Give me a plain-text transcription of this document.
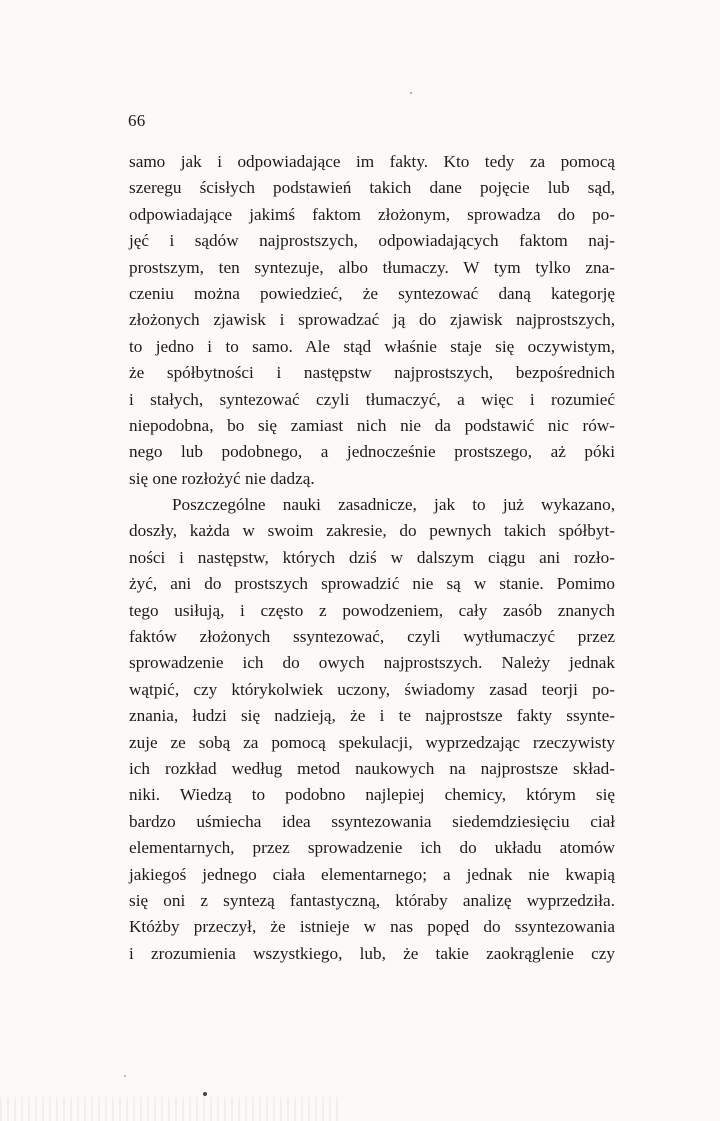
66
samo jak i odpowiadające im fakty. Kto tedy za pomocą
szeregu ścisłych podstawień takich dane pojęcie lub sąd,
odpowiadające jakimś faktom złożonym, sprowadza do po-
jęć i sądów najprostszych, odpowiadających faktom naj-
prostszym, ten syntezuje, albo tłumaczy. W tym tylko zna-
czeniu można powiedzieć, że syntezować daną kategorję
złożonych zjawisk i sprowadzać ją do zjawisk najprostszych,
to jedno i to samo. Ale stąd właśnie staje się oczywistym,
że spółbytności i następstw najprostszych, bezpośrednich
i stałych, syntezować czyli tłumaczyć, a więc i rozumieć
niepodobna, bo się zamiast nich nie da podstawić nic rów-
nego lub podobnego, a jednocześnie prostszego, aż póki
się one rozłożyć nie dadzą.
Poszczególne nauki zasadnicze, jak to już wykazano,
doszły, każda w swoim zakresie, do pewnych takich spółbyt-
ności i następstw, których dziś w dalszym ciągu ani rozło-
żyć, ani do prostszych sprowadzić nie są w stanie. Pomimo
tego usiłują, i często z powodzeniem, cały zasób znanych
faktów złożonych ssyntezować, czyli wytłumaczyć przez
sprowadzenie ich do owych najprostszych. Należy jednak
wątpić, czy którykolwiek uczony, świadomy zasad teorji po-
znania, łudzi się nadzieją, że i te najprostsze fakty ssynte-
zuje ze sobą za pomocą spekulacji, wyprzedzając rzeczywisty
ich rozkład według metod naukowych na najprostsze skład-
niki. Wiedzą to podobno najlepiej chemicy, którym się
bardzo uśmiecha idea ssyntezowania siedemdziesięciu ciał
elementarnych, przez sprowadzenie ich do układu atomów
jakiegoś jednego ciała elementarnego; a jednak nie kwapią
się oni z syntezą fantastyczną, któraby analizę wyprzedziła.
Któżby przeczył, że istnieje w nas popęd do ssyntezowania
i zrozumienia wszystkiego, lub, że takie zaokrąglenie czy
